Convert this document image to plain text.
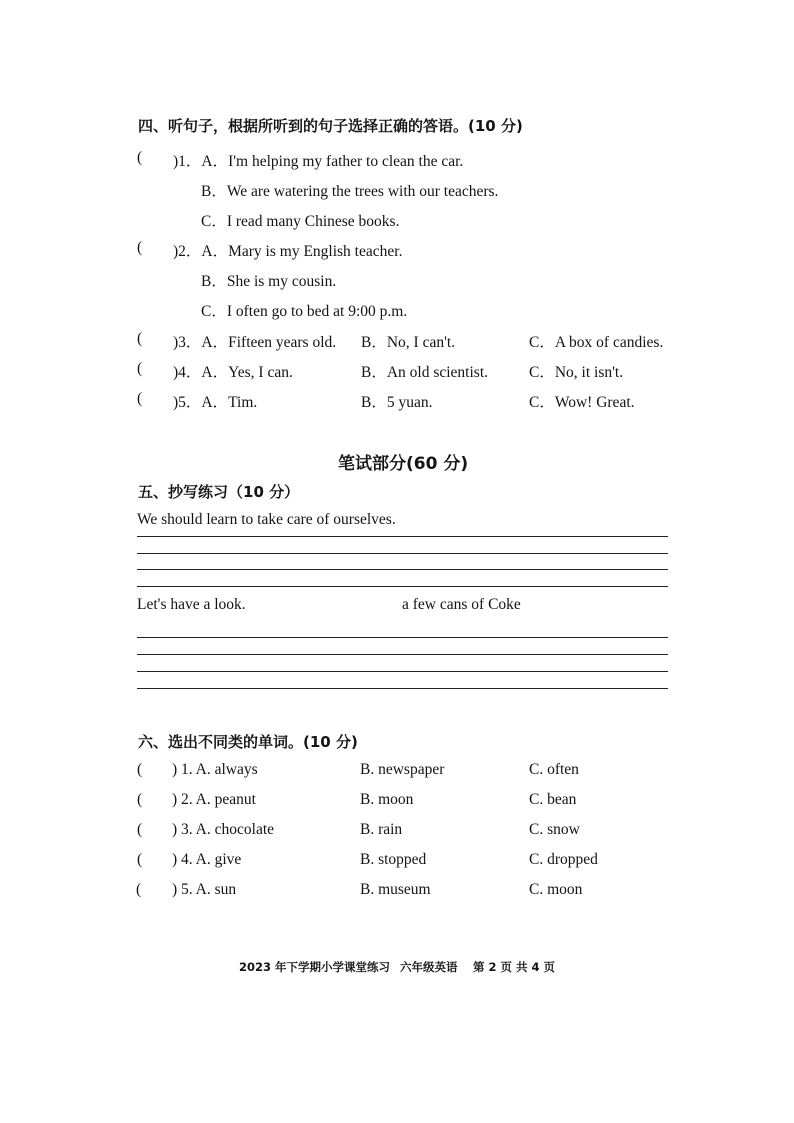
四、听句子，根据所听到的句子选择正确的答语。(10 分)
( )1．A．I'm helping my father to clean the car.
B．We are watering the trees with our teachers.
C．I read many Chinese books.
( )2．A．Mary is my English teacher.
B．She is my cousin.
C．I often go to bed at 9:00 p.m.
( )3．A．Fifteen years old. B．No, I can't.	C．A box of candies.
( )4．A．Yes, I can.	B．An old scientist.	C．No, it isn't.
( )5．A．Tim.	B．5 yuan.	C．Wow! Great.
笔试部分(60 分)
五、抄写练习（10 分）
We should learn to take care of ourselves.
Let's have a look.	a few cans of Coke
六、选出不同类的单词。(10 分)
( ) 1. A. always	B. newspaper	C. often
( ) 2. A. peanut	B. moon	C. bean
( ) 3. A. chocolate	B. rain	C. snow
( ) 4. A. give	B. stopped	C. dropped
( ) 5. A. sun	B. museum	C. moon
2023 年下学期小学课堂练习 六年级英语 第 2 页 共 4 页
